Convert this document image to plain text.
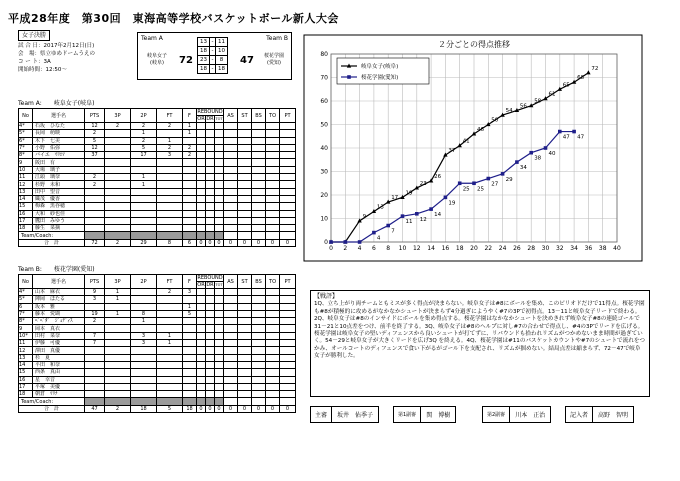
平成28年度　第30回　東海高等学校バスケットボール新人大会
女子決勝
試 合 日：2017年2月12日(日)
会　場：県立ゆめドームうえの
コ ー ト：3A
開始時間：12:50～
Team A	Team B
岐阜女子
(岐阜)	72
13	-	11
18	-	10
23	-	8
18	-	18
47	桜花学園
(愛知)
Team A:　　岐阜女子(岐阜)
No	選手名	PTS	3P	2P	FT	F	REBOUND
OR DR TOT			AS	ST	BS	TO	PT
4*	石坂　ひなた	12	2	2	2	1								
5*	長岡　萌映	2		1		1								
6*	木下　七美	5		2	1									
7*	小野　佑弥	12		5	2	2								
8*	バイエ　ﾏﾘｴﾏ	37		17	3	2								
9	阪田　有													
10	大場　璃子													
11	江頭　璃奈	2		1										
12	杉野　未和	2		1										
13	田中　望音													
14	織茂　優香													
15	梅森　黒谷穂													
16	大和　紗也佳													
17	鷹田　みゆう													
18	藤生　菜摘													
Team/Coach:														
合　計		72	2	29	8	6	0	0	0	0	0	0	0	0
Team B:　　桜花学園(愛知)
No	選手名	PTS	3P	2P	FT	F	REBOUND
OR DR TOT			AS	ST	BS	TO	PT
4*	山本　麻衣	9	1		2	3								
5*	陣岡　ほたる	3	1											
6	坂本　雅					1								
7*	藤本　愛瑚	19	1	8		5								
8*	ﾍﾞﾍﾞﾀﾞ　ｼﾞｭﾃﾞｨｽ	2		1										
9	岡本　真衣													
10*	田村　菜奈	7		3	1									
11	伊藤　可優	7		3	1									
12	澤田　真優													
13	杉　夏													
14	平田　和奈													
15	西条　真由													
16	星　幸音													
17	平塚　美優													
18	朝倉　ﾏﾘﾅ													
Team/Coach:														
合　計		47	2	18	5	18	0	0	0	0	0	0	0	0
２分ごとの得点推移
0
10
20
30
40
50
60
70
80
0 2 4 6 8 10 12 14 16 18 20 22 24 26 28 30 32 34 36 38 40
9
13
17
19
23
26
37
41
46
50
54
56
58
61
65
68
72
4
7
11 12
14
19
25 25
27
29
34
38
40
47 47
岐阜女子(岐阜)
桜花学園(愛知)
【戦評】
1Q、立ち上がり両チームともミスが多く得点が決まらない。岐阜女子は#8にボールを集め、このピリオドだけで11得点。桜花学園も#8が積極的に攻めるがなかなかシュートが決まらず4分過ぎにようやく#7の3Pで初得点。13－11と岐阜女子リードで終わる。2Q、岐阜女子は#8のインサイドにボールを集め得点する。桜花学園はなかなかシュートを決めきれず岐阜女子#8の連続ゴールで31－21と10点差をつけ、前半を終了する。3Q、岐阜女子は#8のヘルプに対し#7の合わせで得点し、#4の3Pでリードを広げる。桜花学園は岐阜女子の堅いディフェンスから良いシュートが打てずに、リバウンドも拾われリズムがつかめないまま時間が過ぎていく。54－29と岐阜女子が大きくリードを広げ3Q を終える。4Q、桜花学園は#11のバスケットカウントや#7のシュートで流れをつかみ、オールコートのディフェンスで食い下がるがゴール下を支配され、リズムが掴めない。結局点差は縮まらず、72－47で岐阜女子が勝利した。
主審	坂井　佑季子	第1副審	関　博樹	第2副審	川本　正治	記入者	高野　智明
